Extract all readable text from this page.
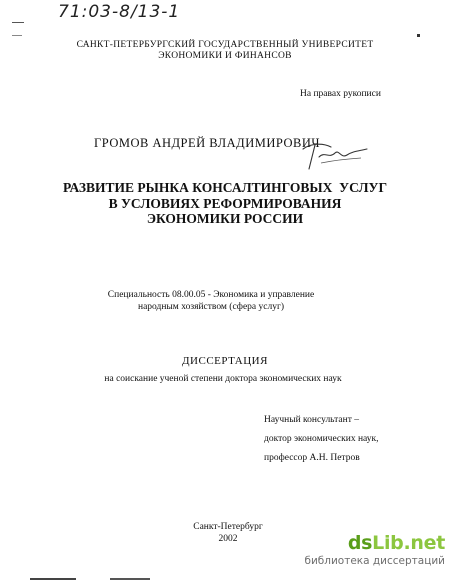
71:03-8/13-1
САНКТ-ПЕТЕРБУРГСКИЙ ГОСУДАРСТВЕННЫЙ УНИВЕРСИТЕТ
ЭКОНОМИКИ И ФИНАНСОВ
На правах рукописи
ГРОМОВ АНДРЕЙ ВЛАДИМИРОВИЧ
РАЗВИТИЕ РЫНКА КОНСАЛТИНГОВЫХ  УСЛУГ
В УСЛОВИЯХ РЕФОРМИРОВАНИЯ
ЭКОНОМИКИ РОССИИ
Специальность 08.00.05 - Экономика и управление
народным хозяйством (сфера услуг)
ДИССЕРТАЦИЯ
на соискание ученой степени доктора экономических наук
Научный консультант –
доктор экономических наук,
профессор А.Н. Петров
Санкт-Петербург
2002	dsLib.net
библиотека диссертаций
